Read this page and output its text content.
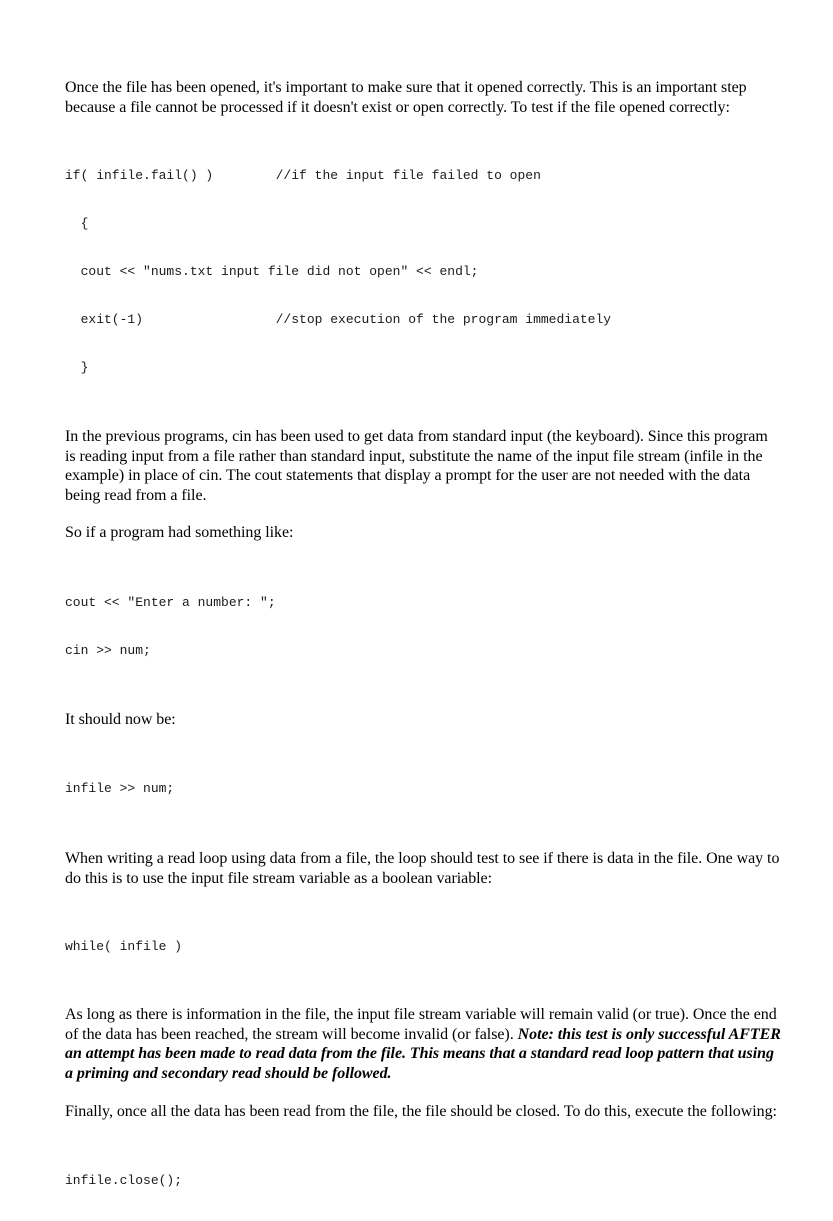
Once the file has been opened, it's important to make sure that it opened correctly. This is an important step because a file cannot be processed if it doesn't exist or open correctly. To test if the file opened correctly:

if( infile.fail() )        //if the input file failed to open

{

cout << "nums.txt input file did not open" << endl;

exit(-1)                 //stop execution of the program immediately

}

In the previous programs, cin has been used to get data from standard input (the keyboard). Since this program is reading input from a file rather than standard input, substitute the name of the input file stream (infile in the example) in place of cin. The cout statements that display a prompt for the user are not needed with the data being read from a file.

So if a program had something like:

cout << "Enter a number: ";

cin >> num;

It should now be:

infile >> num;

When writing a read loop using data from a file, the loop should test to see if there is data in the file. One way to do this is to use the input file stream variable as a boolean variable:

while( infile )

As long as there is information in the file, the input file stream variable will remain valid (or true). Once the end of the data has been reached, the stream will become invalid (or false). Note: this test is only successful AFTER an attempt has been made to read data from the file. This means that a standard read loop pattern that using a priming and secondary read should be followed.

Finally, once all the data has been read from the file, the file should be closed. To do this, execute the following:

infile.close();
